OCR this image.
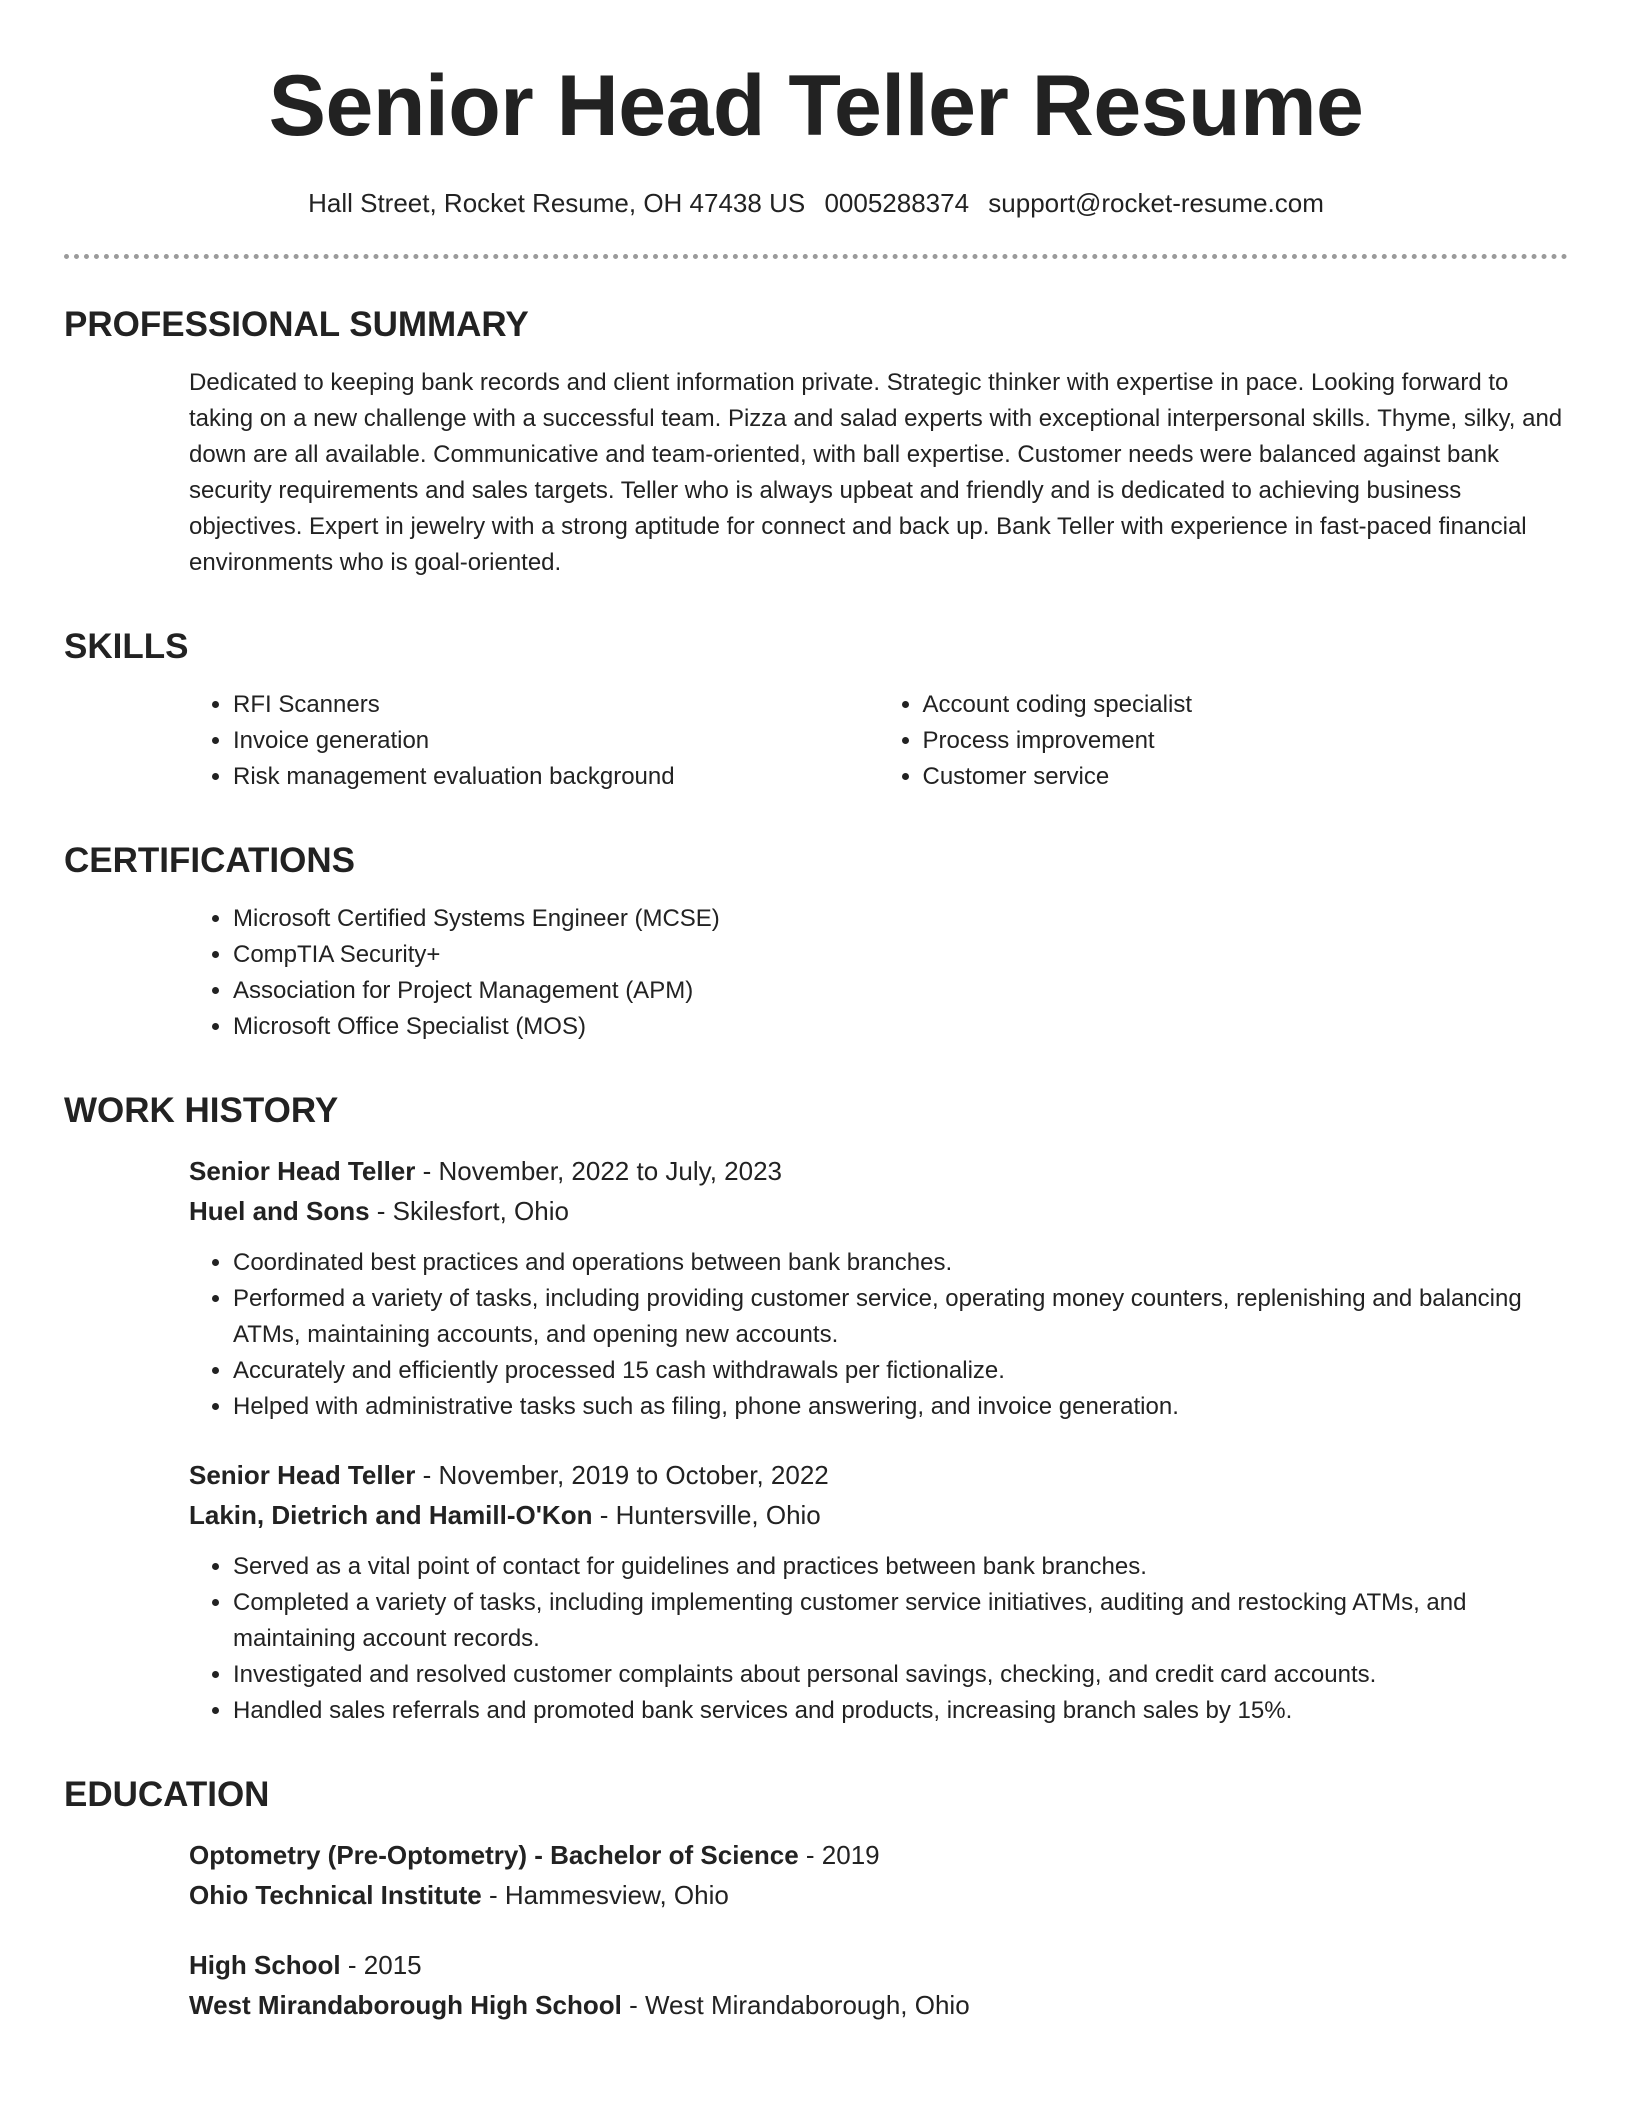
Senior Head Teller Resume
Hall Street, Rocket Resume, OH 47438 US 0005288374 support@rocket-resume.com
PROFESSIONAL SUMMARY

Dedicated to keeping bank records and client information private. Strategic thinker with expertise in pace. Looking forward to taking on a new challenge with a successful team. Pizza and salad experts with exceptional interpersonal skills. Thyme, silky, and down are all available. Communicative and team-oriented, with ball expertise. Customer needs were balanced against bank security requirements and sales targets. Teller who is always upbeat and friendly and is dedicated to achieving business objectives. Expert in jewelry with a strong aptitude for connect and back up. Bank Teller with experience in fast-paced financial environments who is goal-oriented.

SKILLS
• RFI Scanners
• Invoice generation
• Risk management evaluation background
• Account coding specialist
• Process improvement
• Customer service
CERTIFICATIONS
• Microsoft Certified Systems Engineer (MCSE)
• CompTIA Security+
• Association for Project Management (APM)
• Microsoft Office Specialist (MOS)
WORK HISTORY
Senior Head Teller - November, 2022 to July, 2023
Huel and Sons - Skilesfort, Ohio
• Coordinated best practices and operations between bank branches.
• Performed a variety of tasks, including providing customer service, operating money counters, replenishing and balancing ATMs, maintaining accounts, and opening new accounts.
• Accurately and efficiently processed 15 cash withdrawals per fictionalize.
• Helped with administrative tasks such as filing, phone answering, and invoice generation.
Senior Head Teller - November, 2019 to October, 2022
Lakin, Dietrich and Hamill-O'Kon - Huntersville, Ohio
• Served as a vital point of contact for guidelines and practices between bank branches.
• Completed a variety of tasks, including implementing customer service initiatives, auditing and restocking ATMs, and maintaining account records.
• Investigated and resolved customer complaints about personal savings, checking, and credit card accounts.
• Handled sales referrals and promoted bank services and products, increasing branch sales by 15%.
EDUCATION
Optometry (Pre-Optometry) - Bachelor of Science - 2019
Ohio Technical Institute - Hammesview, Ohio
High School - 2015
West Mirandaborough High School - West Mirandaborough, Ohio
